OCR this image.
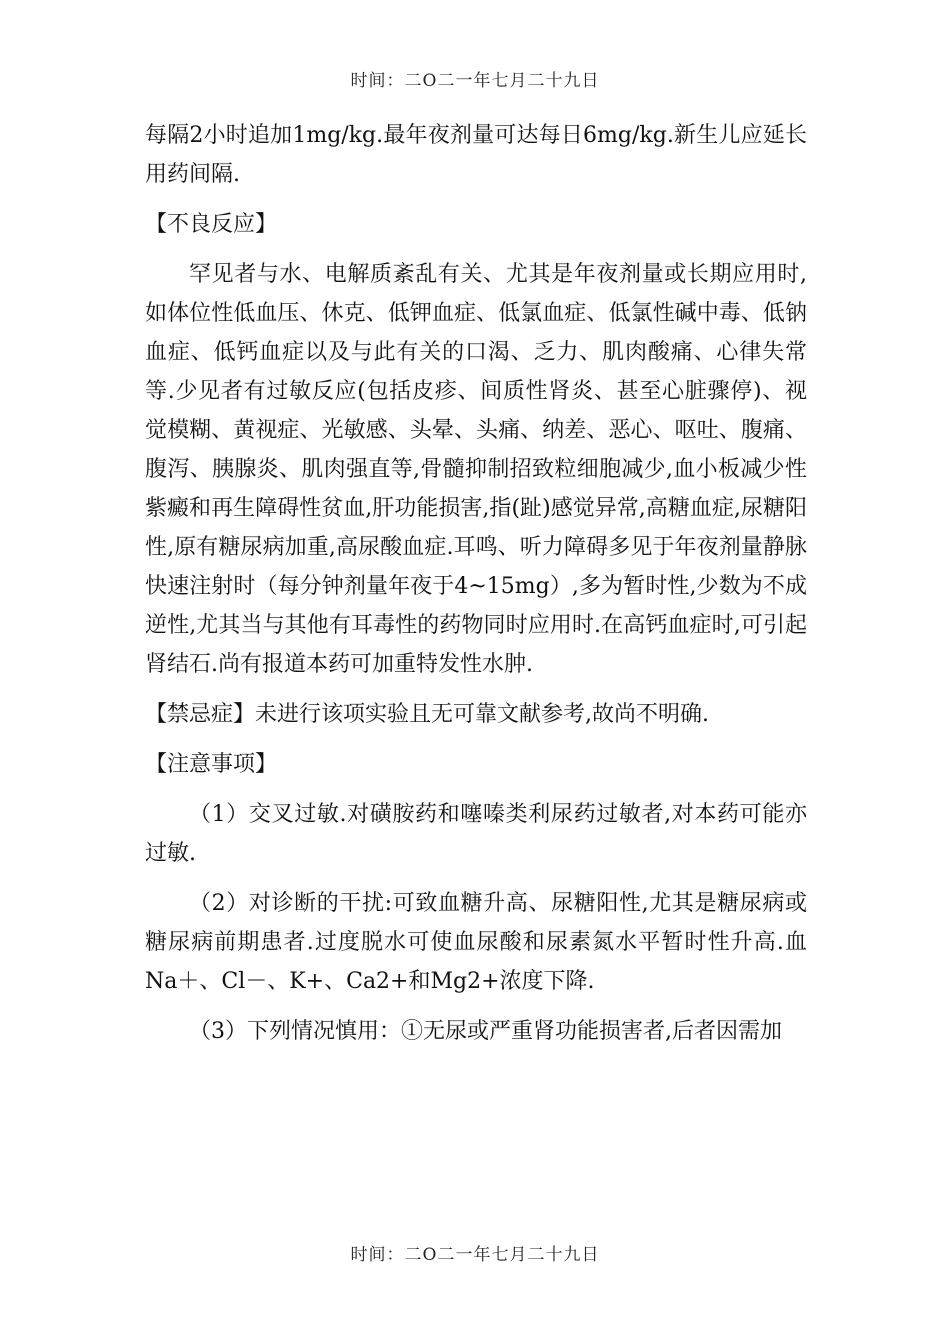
时间：二O二一年七月二十九日

每隔2小时追加1mg/kg.最年夜剂量可达每日6mg/kg.新生儿应延长用药间隔.

【不良反应】

罕见者与水、电解质紊乱有关、尤其是年夜剂量或长期应用时,如体位性低血压、休克、低钾血症、低氯血症、低氯性碱中毒、低钠血症、低钙血症以及与此有关的口渴、乏力、肌肉酸痛、心律失常等.少见者有过敏反应(包括皮疹、间质性肾炎、甚至心脏骤停)、视觉模糊、黄视症、光敏感、头晕、头痛、纳差、恶心、呕吐、腹痛、腹泻、胰腺炎、肌肉强直等,骨髓抑制招致粒细胞减少,血小板减少性紫癜和再生障碍性贫血,肝功能损害,指(趾)感觉异常,高糖血症,尿糖阳性,原有糖尿病加重,高尿酸血症.耳鸣、听力障碍多见于年夜剂量静脉快速注射时（每分钟剂量年夜于4~15mg）,多为暂时性,少数为不成逆性,尤其当与其他有耳毒性的药物同时应用时.在高钙血症时,可引起肾结石.尚有报道本药可加重特发性水肿.

【禁忌症】未进行该项实验且无可靠文献参考,故尚不明确.

【注意事项】

（1）交叉过敏.对磺胺药和噻嗪类利尿药过敏者,对本药可能亦过敏.

（2）对诊断的干扰:可致血糖升高、尿糖阳性,尤其是糖尿病或糖尿病前期患者.过度脱水可使血尿酸和尿素氮水平暂时性升高.血Na＋、Cl－、K+、Ca2+和Mg2+浓度下降.

（3）下列情况慎用：①无尿或严重肾功能损害者,后者因需加

时间：二O二一年七月二十九日
